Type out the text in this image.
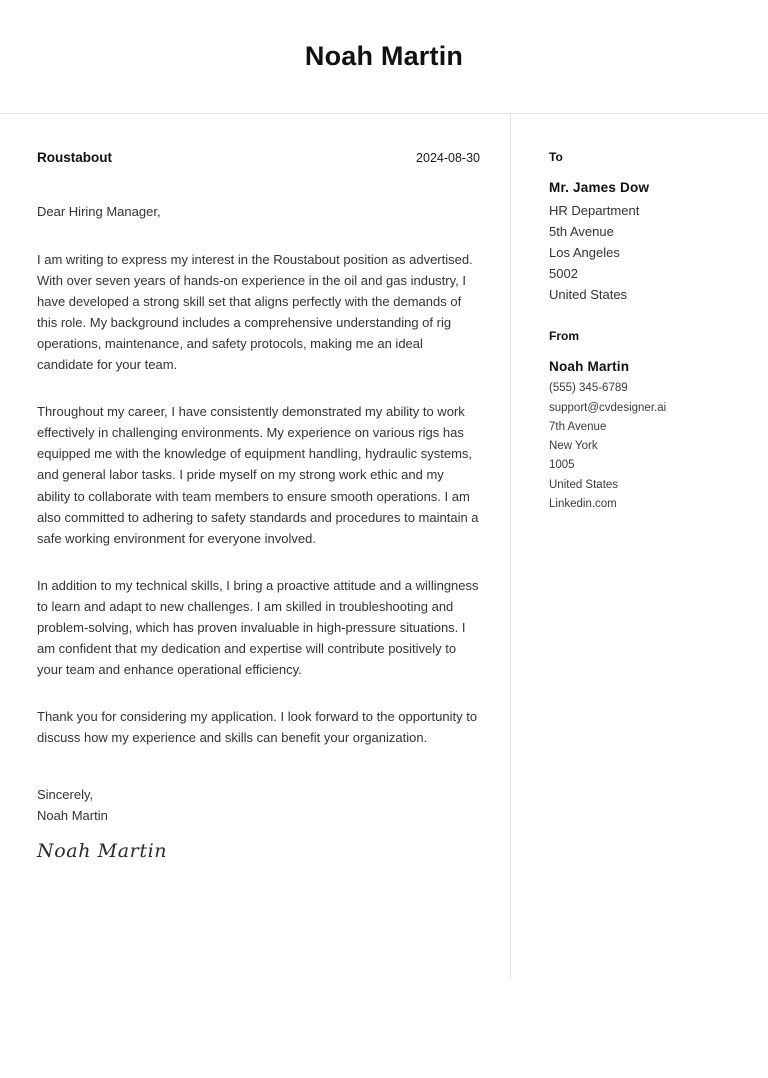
Noah Martin
Roustabout	2024-08-30
Dear Hiring Manager,

I am writing to express my interest in the Roustabout position as advertised. With over seven years of hands-on experience in the oil and gas industry, I have developed a strong skill set that aligns perfectly with the demands of this role. My background includes a comprehensive understanding of rig operations, maintenance, and safety protocols, making me an ideal candidate for your team.

Throughout my career, I have consistently demonstrated my ability to work effectively in challenging environments. My experience on various rigs has equipped me with the knowledge of equipment handling, hydraulic systems, and general labor tasks. I pride myself on my strong work ethic and my ability to collaborate with team members to ensure smooth operations. I am also committed to adhering to safety standards and procedures to maintain a safe working environment for everyone involved.

In addition to my technical skills, I bring a proactive attitude and a willingness to learn and adapt to new challenges. I am skilled in troubleshooting and problem-solving, which has proven invaluable in high-pressure situations. I am confident that my dedication and expertise will contribute positively to your team and enhance operational efficiency.

Thank you for considering my application. I look forward to the opportunity to discuss how my experience and skills can benefit your organization.

Sincerely,
Noah Martin
Noah Martin
To
Mr. James Dow
HR Department
5th Avenue
Los Angeles
5002
United States
From
Noah Martin
(555) 345-6789
support@cvdesigner.ai
7th Avenue
New York
1005
United States
Linkedin.com
